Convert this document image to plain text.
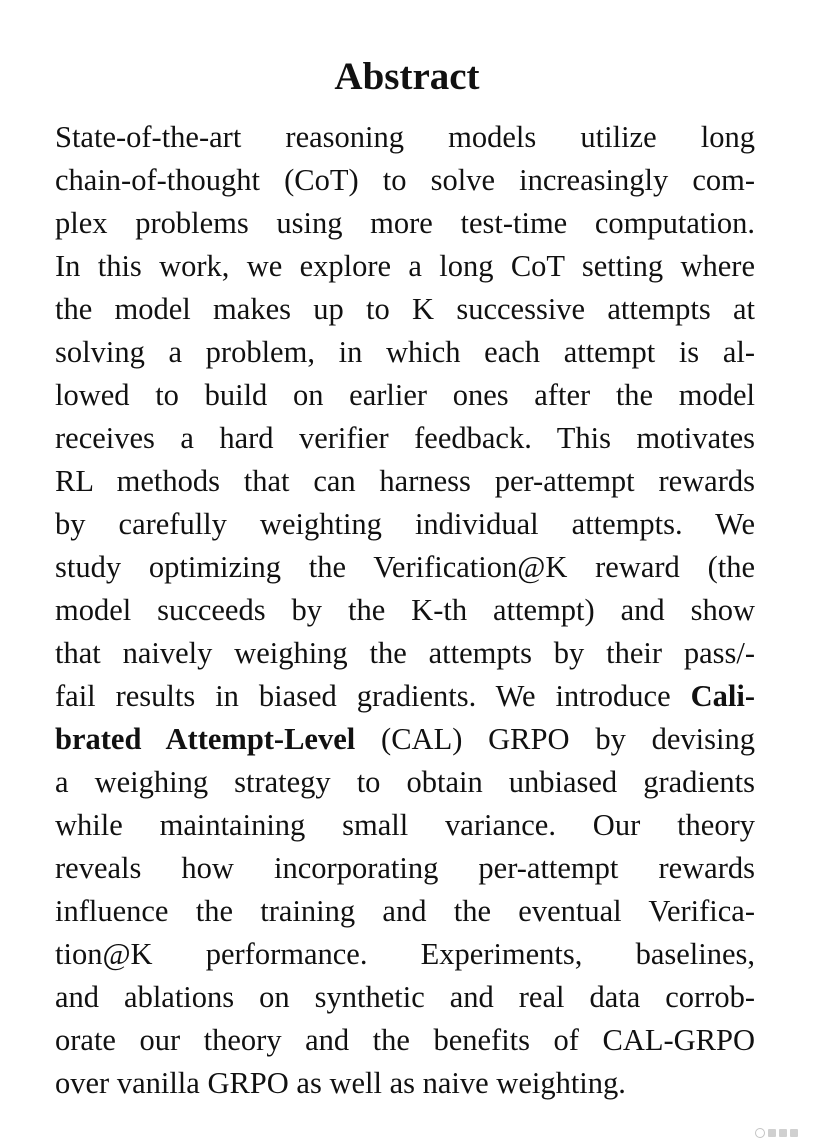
Abstract
State-of-the-art reasoning models utilize long
chain-of-thought (CoT) to solve increasingly com-
plex problems using more test-time computation.
In this work, we explore a long CoT setting where
the model makes up to K successive attempts at
solving a problem, in which each attempt is al-
lowed to build on earlier ones after the model
receives a hard verifier feedback. This motivates
RL methods that can harness per-attempt rewards
by carefully weighting individual attempts. We
study optimizing the Verification@K reward (the
model succeeds by the K-th attempt) and show
that naively weighing the attempts by their pass/-
fail results in biased gradients. We introduce Cali-
brated Attempt-Level (CAL) GRPO by devising
a weighing strategy to obtain unbiased gradients
while maintaining small variance. Our theory
reveals how incorporating per-attempt rewards
influence the training and the eventual Verifica-
tion@K performance. Experiments, baselines,
and ablations on synthetic and real data corrob-
orate our theory and the benefits of CAL-GRPO
over vanilla GRPO as well as naive weighting.
